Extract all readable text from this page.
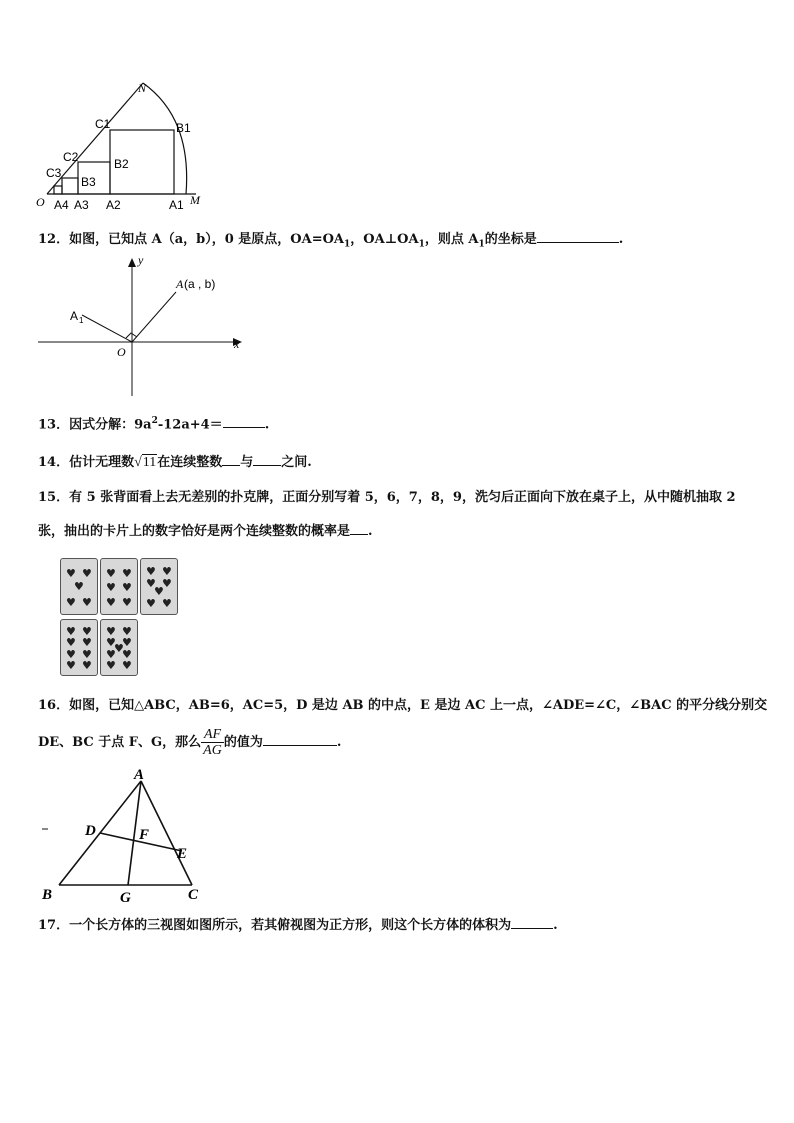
N
C1	B1
C2	B2
C3
B3
O A4 A3 A2	A1 M
12．如图，已知点 A（a，b），0 是原点，$OA=OA_1$，$OA\perp OA_1$，则点 $A_1$的坐标是	.
y
x
O
A (a , b)
A 1
13．因式分解：$9a^2-12a+4=$	.
14．估计无理数√11在连续整数 与 之间.
15．有 5 张背面看上去无差别的扑克牌，正面分别写着 5，6，7，8，9，洗匀后正面向下放在桌子上，从中随机抽取 2
张，抽出的卡片上的数字恰好是两个连续整数的概率是 .
♥ ♥
♥
♥ ♥
♥ ♥
♥ ♥
♥ ♥
♥ ♥
♥ ♥
♥
♥ ♥
♥ ♥
♥ ♥
♥ ♥
♥ ♥
♥ ♥
♥ ♥
♥
♥ ♥
♥ ♥
16．如图，已知△ABC，AB=6，AC=5，D 是边 AB 的中点，E 是边 AC 上一点，∠ADE=∠C，∠BAC 的平分线分别交
DE、BC 于点 F、G，那么 $\frac{AF}{AG}$ 的值为	.
A
D	F
E
B	G	C
17．一个长方体的三视图如图所示，若其俯视图为正方形，则这个长方体的体积为	.
